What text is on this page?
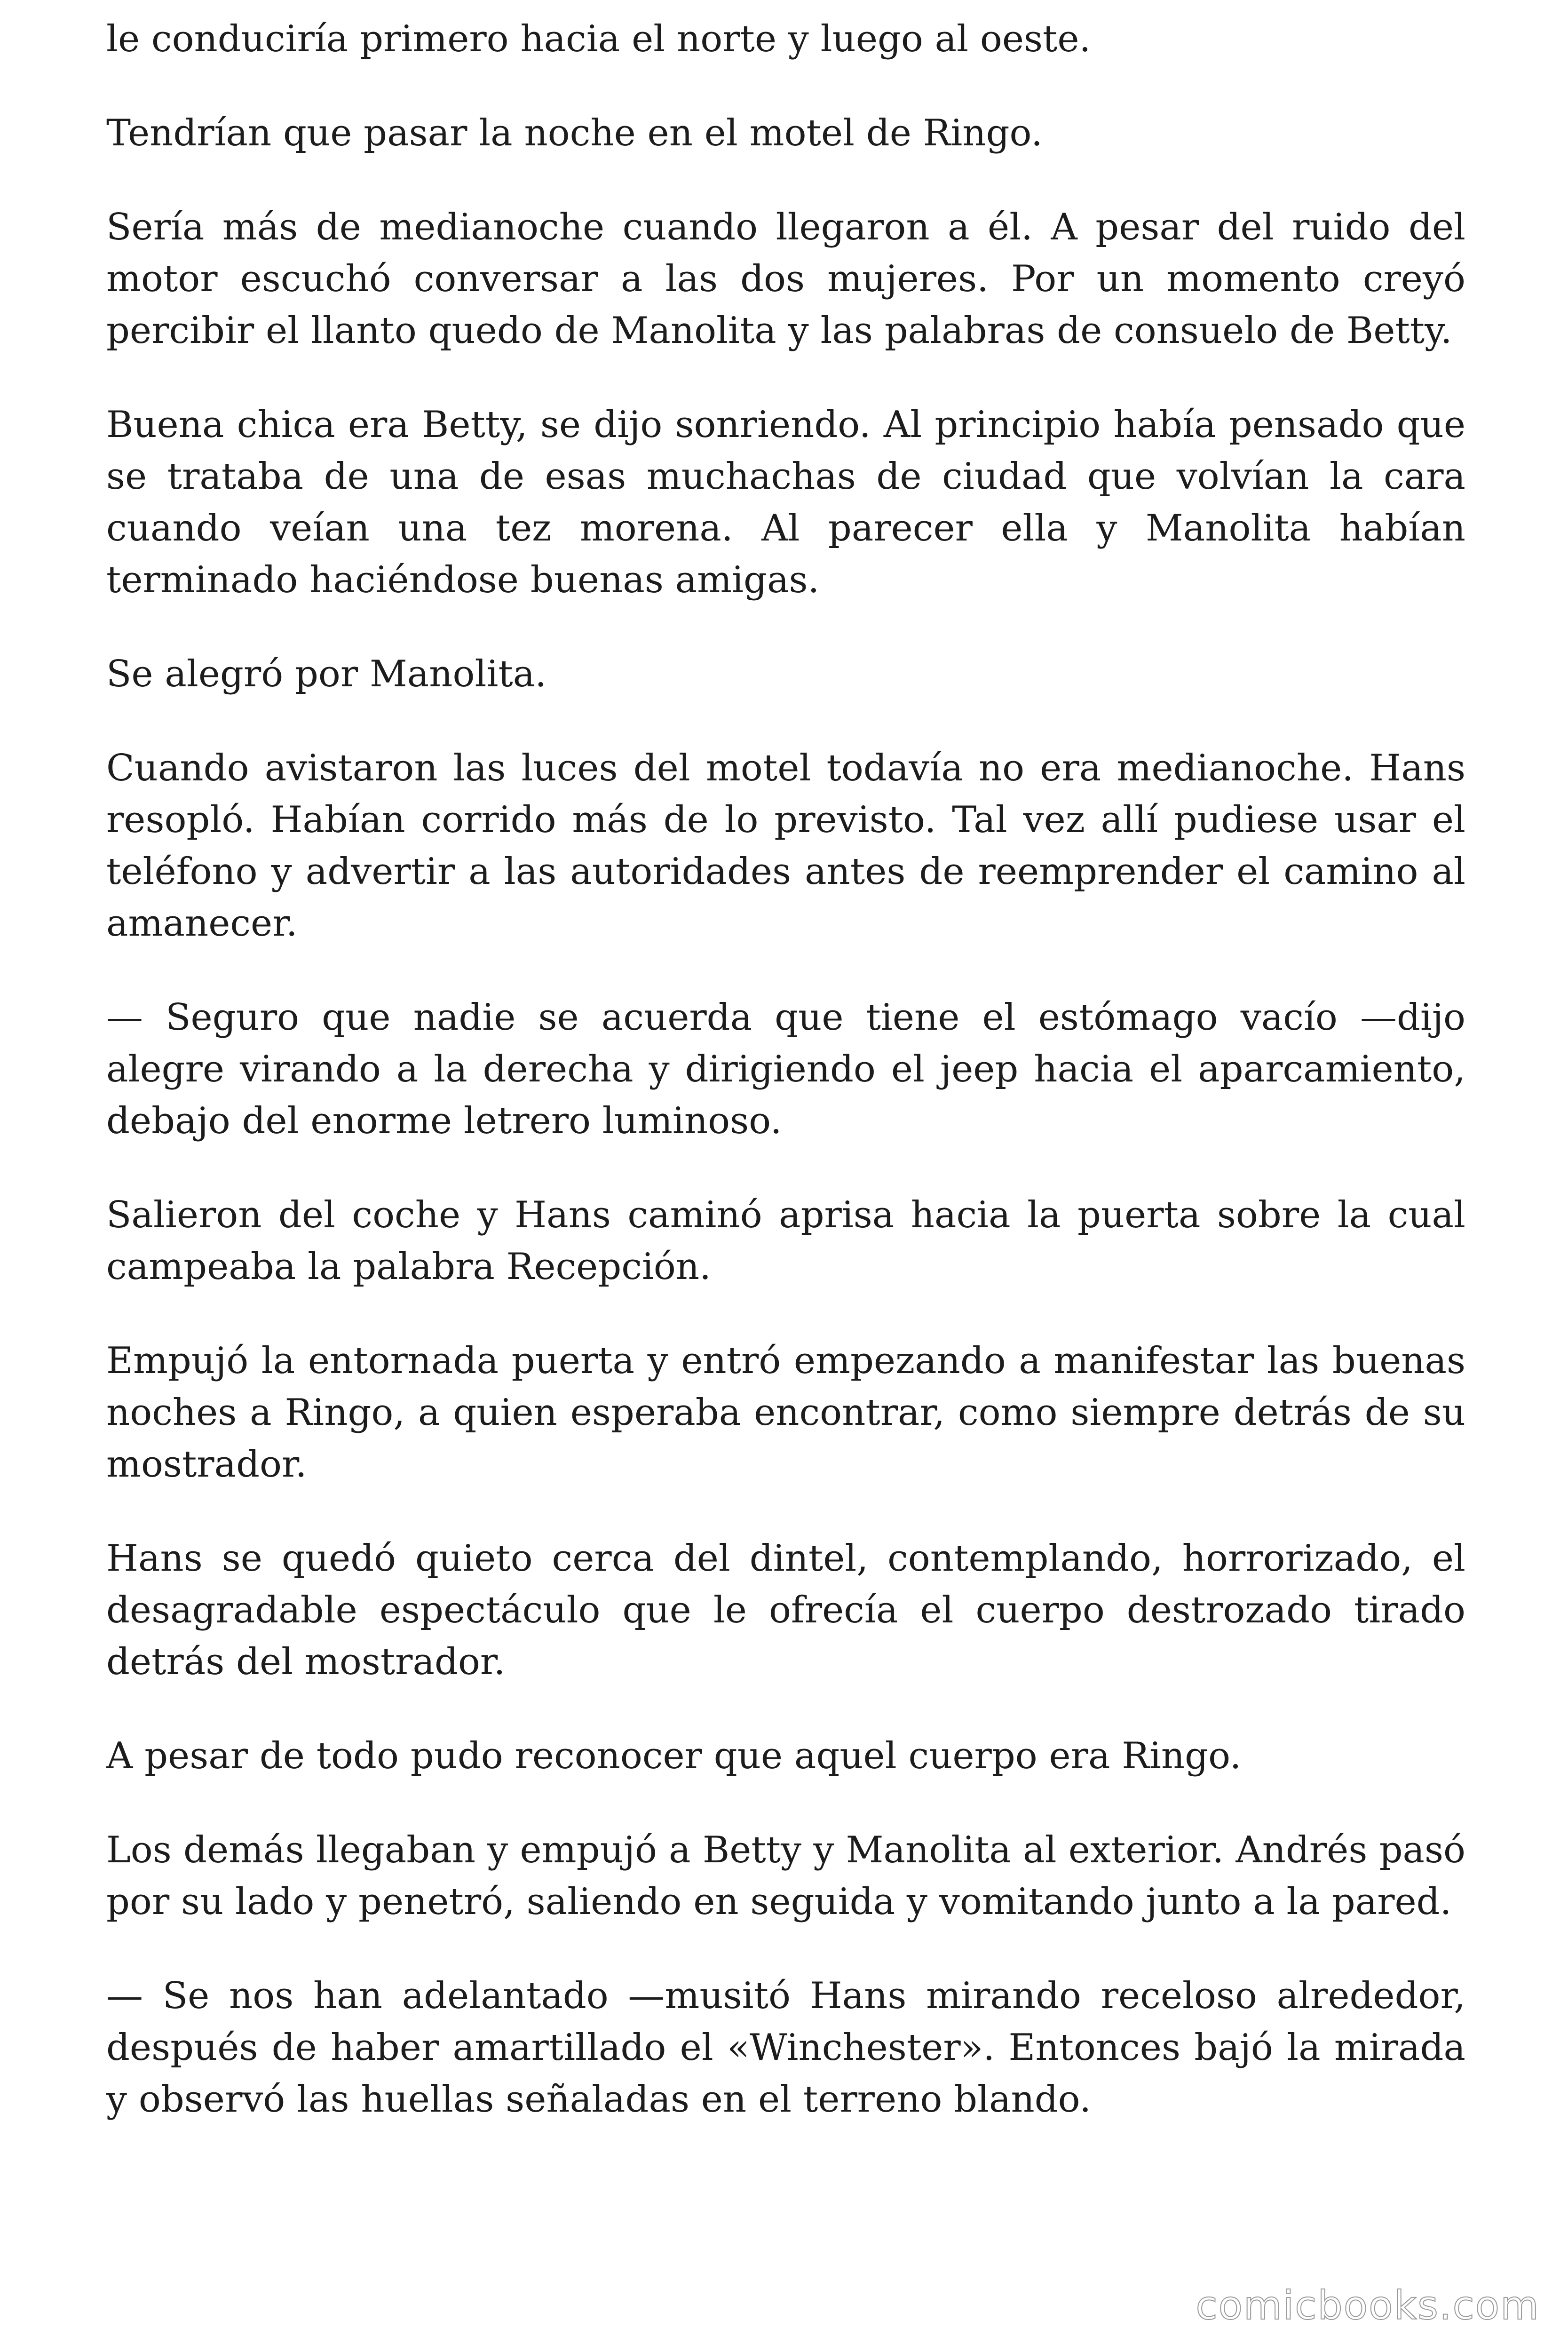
le conduciría primero hacia el norte y luego al oeste.

Tendrían que pasar la noche en el motel de Ringo.

Sería más de medianoche cuando llegaron a él. A pesar del ruido del motor escuchó conversar a las dos mujeres. Por un momento creyó percibir el llanto quedo de Manolita y las palabras de consuelo de Betty.

Buena chica era Betty, se dijo sonriendo. Al principio había pensado que se trataba de una de esas muchachas de ciudad que volvían la cara cuando veían una tez morena. Al parecer ella y Manolita habían terminado haciéndose buenas amigas.

Se alegró por Manolita.

Cuando avistaron las luces del motel todavía no era medianoche. Hans resopló. Habían corrido más de lo previsto. Tal vez allí pudiese usar el teléfono y advertir a las autoridades antes de reemprender el camino al amanecer.

— Seguro que nadie se acuerda que tiene el estómago vacío —dijo alegre virando a la derecha y dirigiendo el jeep hacia el aparcamiento, debajo del enorme letrero luminoso.

Salieron del coche y Hans caminó aprisa hacia la puerta sobre la cual campeaba la palabra Recepción.

Empujó la entornada puerta y entró empezando a manifestar las buenas noches a Ringo, a quien esperaba encontrar, como siempre detrás de su mostrador.

Hans se quedó quieto cerca del dintel, contemplando, horrorizado, el desagradable espectáculo que le ofrecía el cuerpo destrozado tirado detrás del mostrador.

A pesar de todo pudo reconocer que aquel cuerpo era Ringo.

Los demás llegaban y empujó a Betty y Manolita al exterior. Andrés pasó por su lado y penetró, saliendo en seguida y vomitando junto a la pared.

— Se nos han adelantado —musitó Hans mirando receloso alrededor, después de haber amartillado el «Winchester». Entonces bajó la mirada y observó las huellas señaladas en el terreno blando.

comicbooks.com
